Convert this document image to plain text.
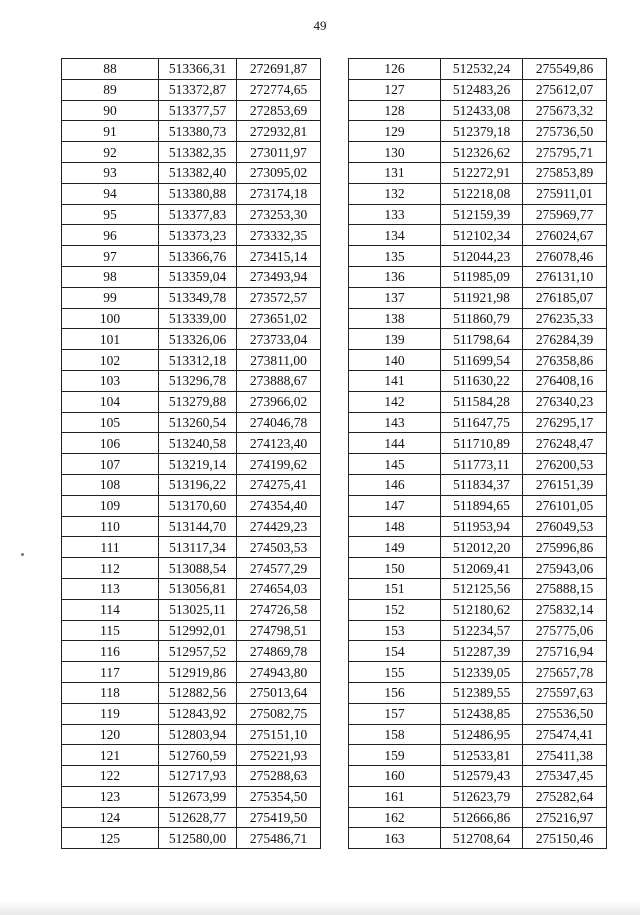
49
88	513366,31	272691,87
89	513372,87	272774,65
90	513377,57	272853,69
91	513380,73	272932,81
92	513382,35	273011,97
93	513382,40	273095,02
94	513380,88	273174,18
95	513377,83	273253,30
96	513373,23	273332,35
97	513366,76	273415,14
98	513359,04	273493,94
99	513349,78	273572,57
100	513339,00	273651,02
101	513326,06	273733,04
102	513312,18	273811,00
103	513296,78	273888,67
104	513279,88	273966,02
105	513260,54	274046,78
106	513240,58	274123,40
107	513219,14	274199,62
108	513196,22	274275,41
109	513170,60	274354,40
110	513144,70	274429,23
111	513117,34	274503,53
112	513088,54	274577,29
113	513056,81	274654,03
114	513025,11	274726,58
115	512992,01	274798,51
116	512957,52	274869,78
117	512919,86	274943,80
118	512882,56	275013,64
119	512843,92	275082,75
120	512803,94	275151,10
121	512760,59	275221,93
122	512717,93	275288,63
123	512673,99	275354,50
124	512628,77	275419,50
125	512580,00	275486,71
126	512532,24	275549,86
127	512483,26	275612,07
128	512433,08	275673,32
129	512379,18	275736,50
130	512326,62	275795,71
131	512272,91	275853,89
132	512218,08	275911,01
133	512159,39	275969,77
134	512102,34	276024,67
135	512044,23	276078,46
136	511985,09	276131,10
137	511921,98	276185,07
138	511860,79	276235,33
139	511798,64	276284,39
140	511699,54	276358,86
141	511630,22	276408,16
142	511584,28	276340,23
143	511647,75	276295,17
144	511710,89	276248,47
145	511773,11	276200,53
146	511834,37	276151,39
147	511894,65	276101,05
148	511953,94	276049,53
149	512012,20	275996,86
150	512069,41	275943,06
151	512125,56	275888,15
152	512180,62	275832,14
153	512234,57	275775,06
154	512287,39	275716,94
155	512339,05	275657,78
156	512389,55	275597,63
157	512438,85	275536,50
158	512486,95	275474,41
159	512533,81	275411,38
160	512579,43	275347,45
161	512623,79	275282,64
162	512666,86	275216,97
163	512708,64	275150,46
